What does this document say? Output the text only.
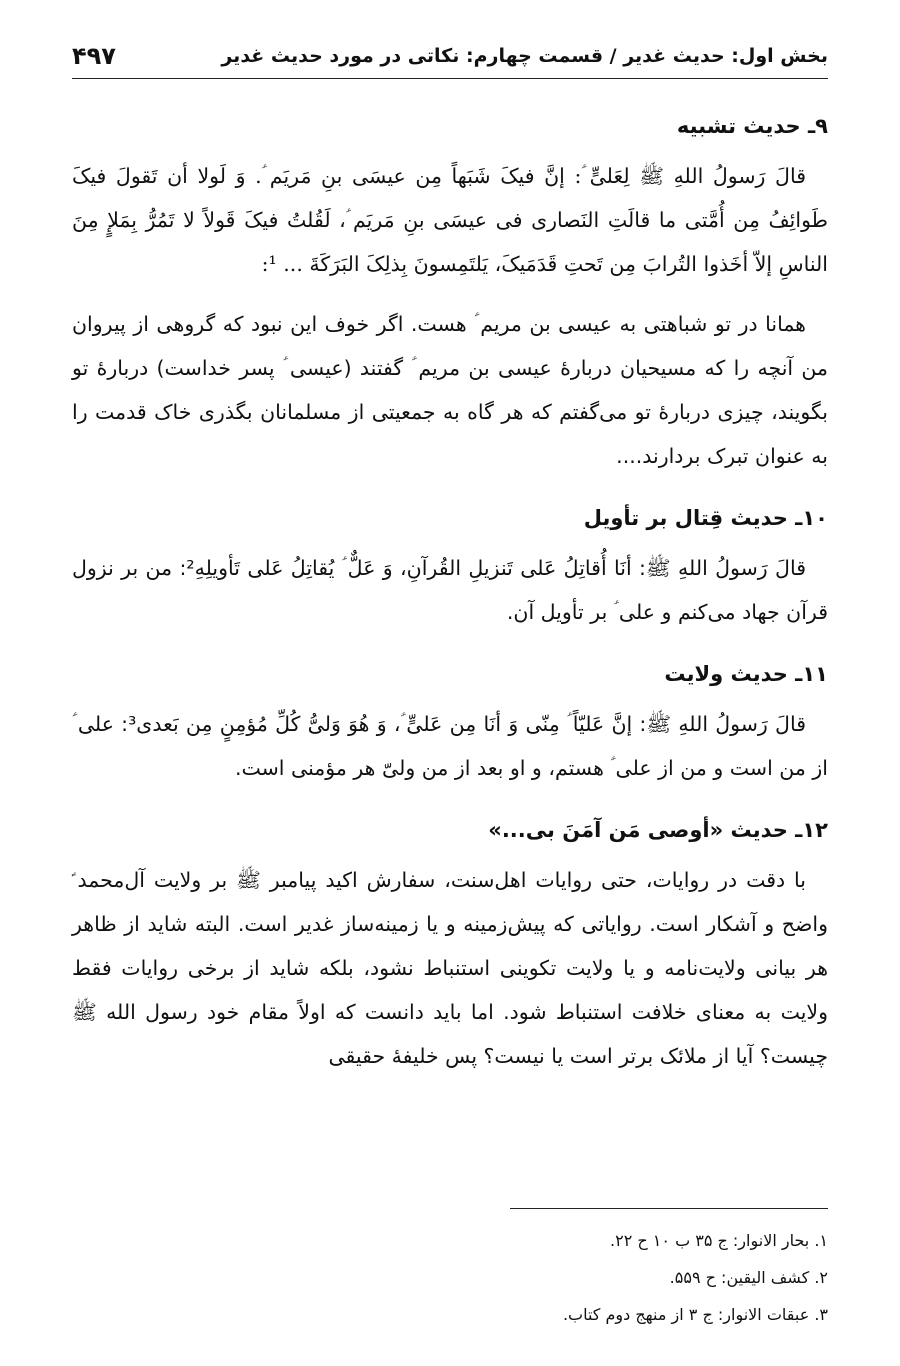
بخش اول: حدیث غدیر / قسمت چهارم: نکاتی در مورد حدیث غدیر
۴۹۷
۹ـ حدیث تشبیه

قالَ رَسولُ اللهِ ﷺ لِعَلیٍّ ؑ: إنَّ فیکَ شَبَهاً مِن عیسَی بنِ مَریَم ؑ. وَ لَولا أن تَقولَ فیکَ طَوائِفُ مِن أُمَّتی ما قالَتِ النَصاری فی عیسَی بنِ مَریَم ؑ، لَقُلتُ فیکَ قَولاً لا تَمُرُّ بِمَلإٍ مِنَ الناسِ إلاّ أخَذوا التُرابَ مِن تَحتِ قَدَمَیکَ، یَلتَمِسونَ بِذلِکَ البَرَکَةَ ... ¹:

همانا در تو شباهتی به عیسی بن مریم ؑ هست. اگر خوف این نبود که گروهی از پیروان من آنچه را که مسیحیان دربارهٔ عیسی بن مریم ؑ گفتند (عیسی ؑ پسر خداست) دربارهٔ تو بگویند، چیزی دربارهٔ تو می‌گفتم که هر گاه به جمعیتی از مسلمانان بگذری خاک قدمت را به عنوان تبرک بردارند....

۱۰ـ حدیث قِتال بر تأویل

قالَ رَسولُ اللهِ ﷺ: أنَا أُقاتِلُ عَلی تَنزیلِ القُرآنِ، وَ عَلٌّ ؑ یُقاتِلُ عَلی تَأویلِهِ²: من بر نزول قرآن جهاد می‌کنم و علی ؑ بر تأویل آن.

۱۱ـ حدیث ولایت

قالَ رَسولُ اللهِ ﷺ: إنَّ عَلیّاً ؑ مِنّی وَ أنَا مِن عَلیٍّ ؑ، وَ هُوَ وَلیُّ کُلِّ مُؤمِنٍ مِن بَعدی³: علی ؑ از من است و من از علی ؑ هستم، و او بعد از من ولیّ هر مؤمنی است.

۱۲ـ حدیث «أوصی مَن آمَنَ بی...»

با دقت در روایات، حتی روایات اهل‌سنت، سفارش اکید پیامبر ﷺ بر ولایت آل‌محمد ؑ واضح و آشکار است. روایاتی که پیش‌زمینه و یا زمینه‌ساز غدیر است. البته شاید از ظاهر هر بیانی ولایت‌نامه و یا ولایت تکوینی استنباط نشود، بلکه شاید از برخی روایات فقط ولایت به معنای خلافت استنباط شود. اما باید دانست که اولاً مقام خود رسول الله ﷺ چیست؟ آیا از ملائک برتر است یا نیست؟ پس خلیفهٔ حقیقی

١. بحار الانوار: ج ٣۵ ب ١٠ ح ٢٢.

٢. کشف الیقین: ح ۵۵٩.

٣. عبقات الانوار: ج ٣ از منهج دوم کتاب.
